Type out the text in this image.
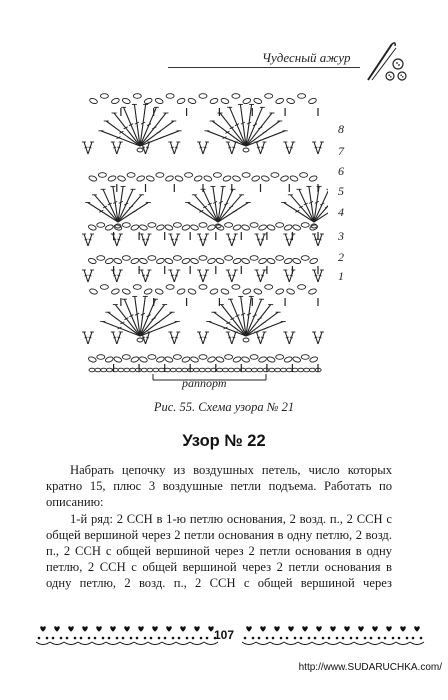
Чудесный ажур
8
7
6
5
4
3
2
1
раппорт
Рис. 55. Схема узора № 21
Узор № 22

Набрать цепочку из воздушных петель, число которых кратно 15, плюс 3 воздушные петли подъема. Работать по описанию:

1-й ряд: 2 ССН в 1-ю петлю основания, 2 возд. п., 2 ССН с общей вершиной через 2 петли основания в одну петлю, 2 возд. п., 2 ССН с общей вершиной через 2 петли основания в одну петлю, 2 ССН с общей вершиной через 2 петли основания в одну петлю, 2 возд. п., 2 ССН с общей вершиной через

107
http://www.SUDARUCHKA.com/
